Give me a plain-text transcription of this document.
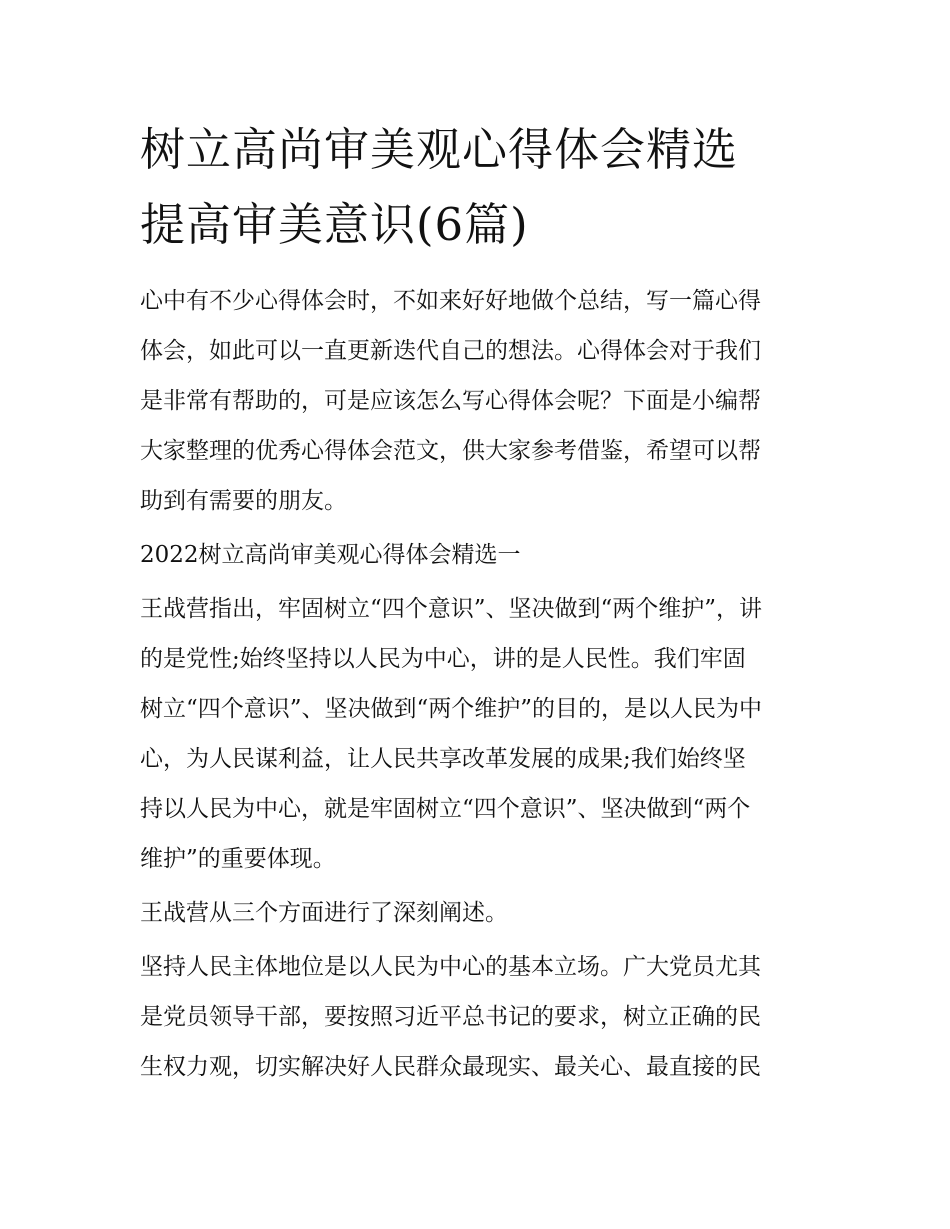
树立高尚审美观心得体会精选
提高审美意识(6篇)

心中有不少心得体会时，不如来好好地做个总结，写一篇心得
体会，如此可以一直更新迭代自己的想法。心得体会对于我们
是非常有帮助的，可是应该怎么写心得体会呢？下面是小编帮
大家整理的优秀心得体会范文，供大家参考借鉴，希望可以帮
助到有需要的朋友。

2022树立高尚审美观心得体会精选一

王战营指出，牢固树立“四个意识”、坚决做到“两个维护”，讲
的是党性;始终坚持以人民为中心，讲的是人民性。我们牢固
树立“四个意识”、坚决做到“两个维护”的目的，是以人民为中
心，为人民谋利益，让人民共享改革发展的成果;我们始终坚
持以人民为中心，就是牢固树立“四个意识”、坚决做到“两个
维护”的重要体现。

王战营从三个方面进行了深刻阐述。

坚持人民主体地位是以人民为中心的基本立场。广大党员尤其
是党员领导干部，要按照习近平总书记的要求，树立正确的民
生权力观，切实解决好人民群众最现实、最关心、最直接的民
